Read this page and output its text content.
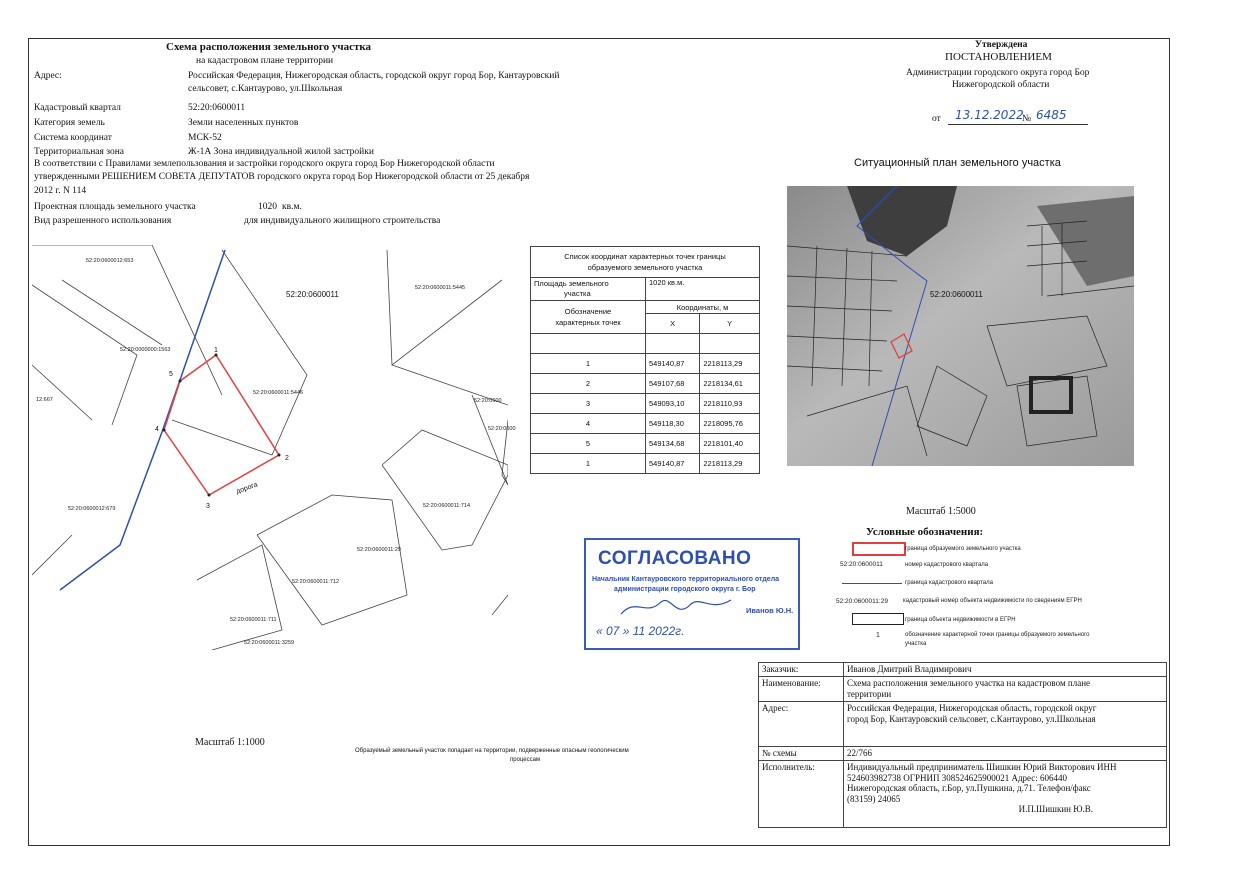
Схема расположения земельного участка
на кадастровом плане территории
Адрес:	Российская Федерация, Нижегородская область, городской округ город Бор, Кантауровский
сельсовет, с.Кантаурово, ул.Школьная
Кадастровый квартал	52:20:0600011
Категория земель	Земли населенных пунктов
Система координат	МСК-52
Территориальная зона	Ж-1А Зона индивидуальной жилой застройки
В соответствии с Правилами землепользования и застройки городского округа город Бор Нижегородской области
утвержденными РЕШЕНИЕМ СОВЕТА ДЕПУТАТОВ городского округа город Бор Нижегородской области от 25 декабря
2012 г. N 114
Проектная площадь земельного участка	1020 кв.м.
Вид разрешенного использования	для индивидуального жилищного строительства
Утверждена
ПОСТАНОВЛЕНИЕМ
Администрации городского округа город Бор
Нижегородской области
от 13.12.2022
№ 6485
52:20:0600012:653
52:20:0600011:5445
52:20:0000000:1563
52:20:0600011:5446
12:667	52:20:0600
52:20:0600
52:20:0600012:679	52:20:0600011:714
52:20:0600011:29
52:20:0600011:712
52:20:0600011:711
52:20:0600011:3259
52:20:0600011
1
2
3
4
5
дорога
Масштаб 1:1000
Образуемый земельный участок попадает на территории, подверженные опасным геологическим
процессам
Список координат характерных точек границы
образуемого земельного участка		

Площадь земельного
участка	1020 кв.м.	

Обозначение
характерных точек	Координаты, м	
	X	Y

1	549140,87	2218113,29
2	549107,68	2218134,61
3	549093,10	2218110,93
4	549118,30	2218095,76
5	549134,68	2218101,40
1	549140,87	2218113,29
Ситуационный план земельного участка
52:20:0600011
Масштаб 1:5000
Условные обозначения:
граница образуемого земельного участка
52:20:0600011	номер кадастрового квартала
граница кадастрового квартала
52:20:0600011:29	кадастровый номер объекта недвижимости по сведениям ЕГРН
граница объекта недвижимости в ЕГРН
1	обозначение характерной точки границы образуемого земельного
участка
СОГЛАСОВАНО
Начальник Кантауровского территориального отдела
администрации городского округа г. Бор
Иванов Ю.Н.
« 07 » 11 2022г.
Заказчик:	Иванов Дмитрий Владимирович
Наименование:	Схема расположения земельного участка на кадастровом плане
территории

Адрес:	Российская Федерация, Нижегородская область, городской округ
город Бор, Кантауровский сельсовет, с.Кантаурово, ул.Школьная

№ схемы	22/766
Исполнитель:	Индивидуальный предприниматель Шишкин Юрий Викторович ИНН
524603982738 ОГРНИП 308524625900021 Адрес: 606440
Нижегородская область, г.Бор, ул.Пушкина, д.71. Телефон/факс
(83159) 24065
И.П.Шишкин Ю.В.
